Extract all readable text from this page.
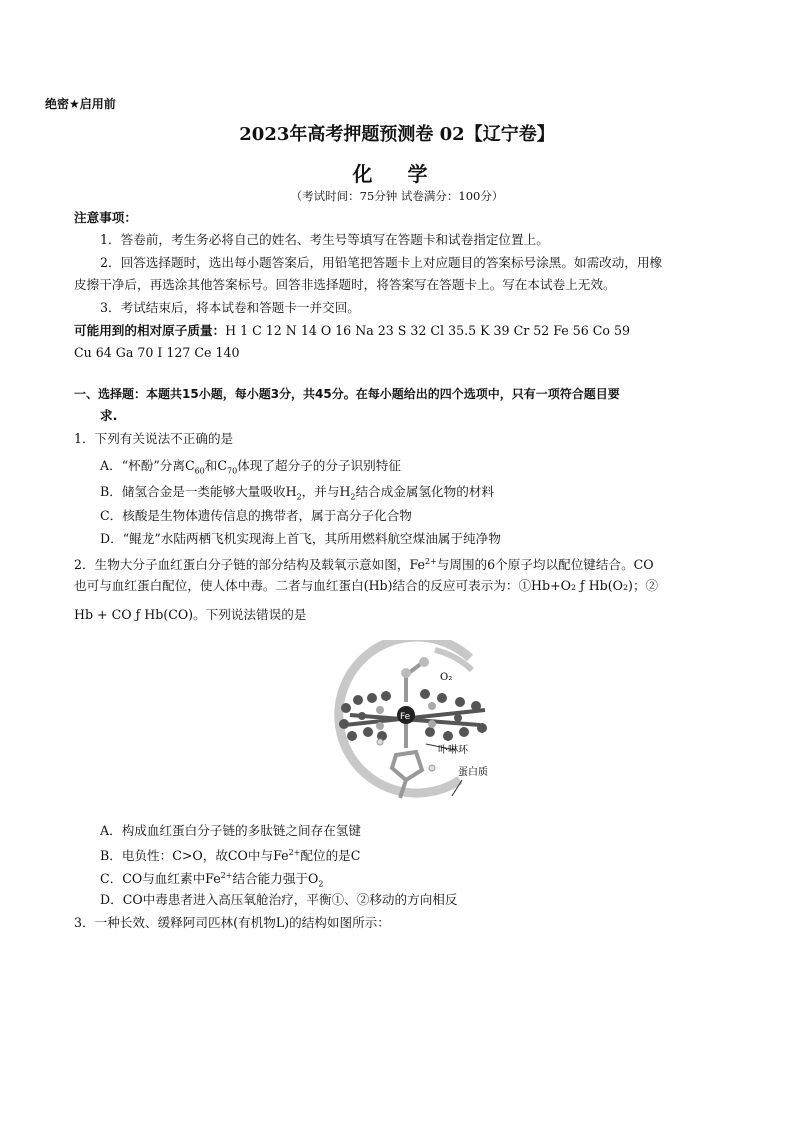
绝密★启用前
2023年高考押题预测卷 02【辽宁卷】
化 学
（考试时间：75分钟 试卷满分：100分）
注意事项：
1．答卷前，考生务必将自己的姓名、考生号等填写在答题卡和试卷指定位置上。
2．回答选择题时，选出每小题答案后，用铅笔把答题卡上对应题目的答案标号涂黑。如需改动，用橡
皮擦干净后，再选涂其他答案标号。回答非选择题时，将答案写在答题卡上。写在本试卷上无效。
3．考试结束后，将本试卷和答题卡一并交回。
可能用到的相对原子质量：H 1 C 12 N 14 O 16 Na 23 S 32 Cl 35.5 K 39 Cr 52 Fe 56 Co 59
Cu 64 Ga 70 I 127 Ce 140
一、选择题：本题共15小题，每小题3分，共45分。在每小题给出的四个选项中，只有一项符合题目要
求.
1．下列有关说法不正确的是
A．“杯酚”分离$C_{60}$和$C_{70}$体现了超分子的分子识别特征
B．储氢合金是一类能够大量吸收$H_2$，并与$H_2$结合成金属氢化物的材料
C．核酸是生物体遗传信息的携带者，属于高分子化合物
D．“鲲龙”水陆两栖飞机实现海上首飞，其所用燃料航空煤油属于纯净物
2．生物大分子血红蛋白分子链的部分结构及载氧示意如图，$Fe^{2+}$与周围的6个原子均以配位键结合。CO
也可与血红蛋白配位，使人体中毒。二者与血红蛋白(Hb)结合的反应可表示为：①Hb+O₂ ƒ Hb(O₂)；②
Hb + CO ƒ Hb(CO)。下列说法错误的是
O₂
Fe
卟啉环
蛋白质
A．构成血红蛋白分子链的多肽链之间存在氢键
B．电负性：C>O，故CO中与$Fe^{2+}$配位的是C
C．CO与血红素中$Fe^{2+}$结合能力强于$O_2$
D．CO中毒患者进入高压氧舱治疗，平衡①、②移动的方向相反
3．一种长效、缓释阿司匹林(有机物L)的结构如图所示：
